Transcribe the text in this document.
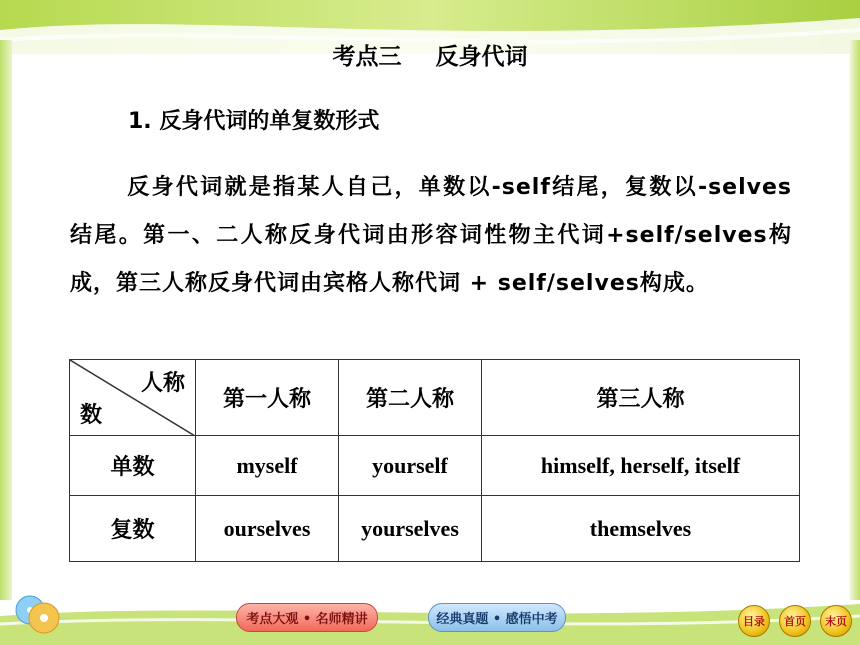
考点三 反身代词
1. 反身代词的单复数形式
反身代词就是指某人自己，单数以-self结尾，复数以-selves 结尾。第一、二人称反身代词由形容词性物主代词+self/selves构成，第三人称反身代词由宾格人称代词 + self/selves构成。
人称
数	第一人称	第二人称	第三人称
单数	myself	yourself	himself, herself, itself
复数	ourselves	yourselves	themselves
考点大观 • 名师精讲	经典真题 • 感悟中考	目录	首页	末页
